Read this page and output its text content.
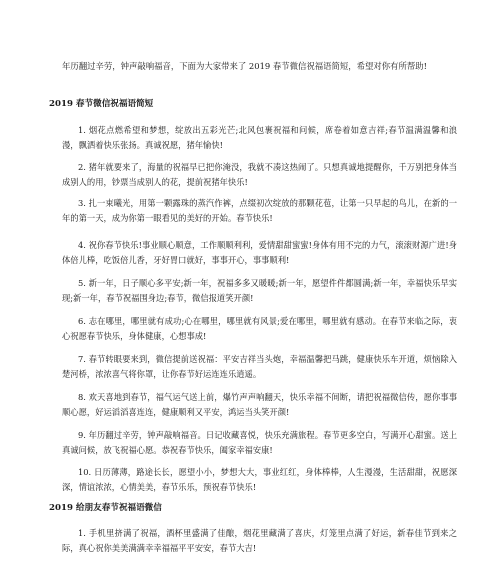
年历翻过辛劳，钟声敲响福音，下面为大家带来了 2019 春节微信祝福语简短，希望对你有所帮助!
2019 春节微信祝福语简短
1. 烟花点燃希望和梦想，绽放出五彩光芒;北风包裹祝福和问候，席卷着如意吉祥;春节温满温馨和浪漫，飘洒着快乐张扬。真诚祝愿，猪年愉快!
2. 猪年就要来了，海量的祝福早已把你淹没，我就不凑这热闹了。只想真诚地提醒你，千万别把身体当成别人的用，钞票当成别人的花，提前祝猪年快乐!
3. 扎一束曦光，用第一颗露珠的蒸汽作裤，点缀初次绽放的那颗花苞，让第一只早起的鸟儿，在新的一年的第一天，成为你第一眼看见的美好的开始。春节快乐!
4. 祝你春节快乐!事业顺心顺意，工作顺顺利利，爱情甜甜蜜蜜!身体有用不完的力气，滚滚财源广进!身体倍儿棒，吃饭倍儿香，牙好胃口就好，事事开心，事事顺利!
5. 新一年，日子顺心多平安;新一年，祝福多多又暖暖;新一年，愿望件件都圆满;新一年，幸福快乐早实现;新一年，春节祝福围身边;春节，微信报道笑开颜!
6. 志在哪里，哪里就有成功;心在哪里，哪里就有风景;爱在哪里，哪里就有感动。在春节来临之际，衷心祝愿春节快乐，身体健康，心想事成!
7. 春节转眼要来到，微信提前送祝福：平安吉祥当头炮，幸福温馨把马跳，健康快乐车开道，烦恼除入楚河桥，浓浓喜气将你罩，让你春节好运连连乐逍遥。
8. 欢天喜地到春节，福气运气送上前，爆竹声声响翻天，快乐幸福不间断，请把祝福微信传，愿你事事顺心愿，好运滔滔喜连连，健康顺利又平安，鸿运当头笑开颜!
9. 年历翻过辛劳，钟声敲响福音。日记收藏喜悦，快乐充满旅程。春节更多空白，写满开心甜蜜。送上真诚问候，放飞祝福心愿。恭祝春节快乐，阖家幸福安康!
10. 日历薄薄，路途长长，愿望小小，梦想大大，事业红红，身体棒棒，人生漫漫，生活甜甜，祝愿深深，情谊浓浓，心情美美，春节乐乐，预祝春节快乐!
2019 给朋友春节祝福语微信
1. 手机里挤满了祝福，酒杯里盛满了佳酿，烟花里藏满了喜庆，灯笼里点满了好运，新春佳节到来之际，真心祝你美美满满幸幸福福平平安安，春节大吉!
